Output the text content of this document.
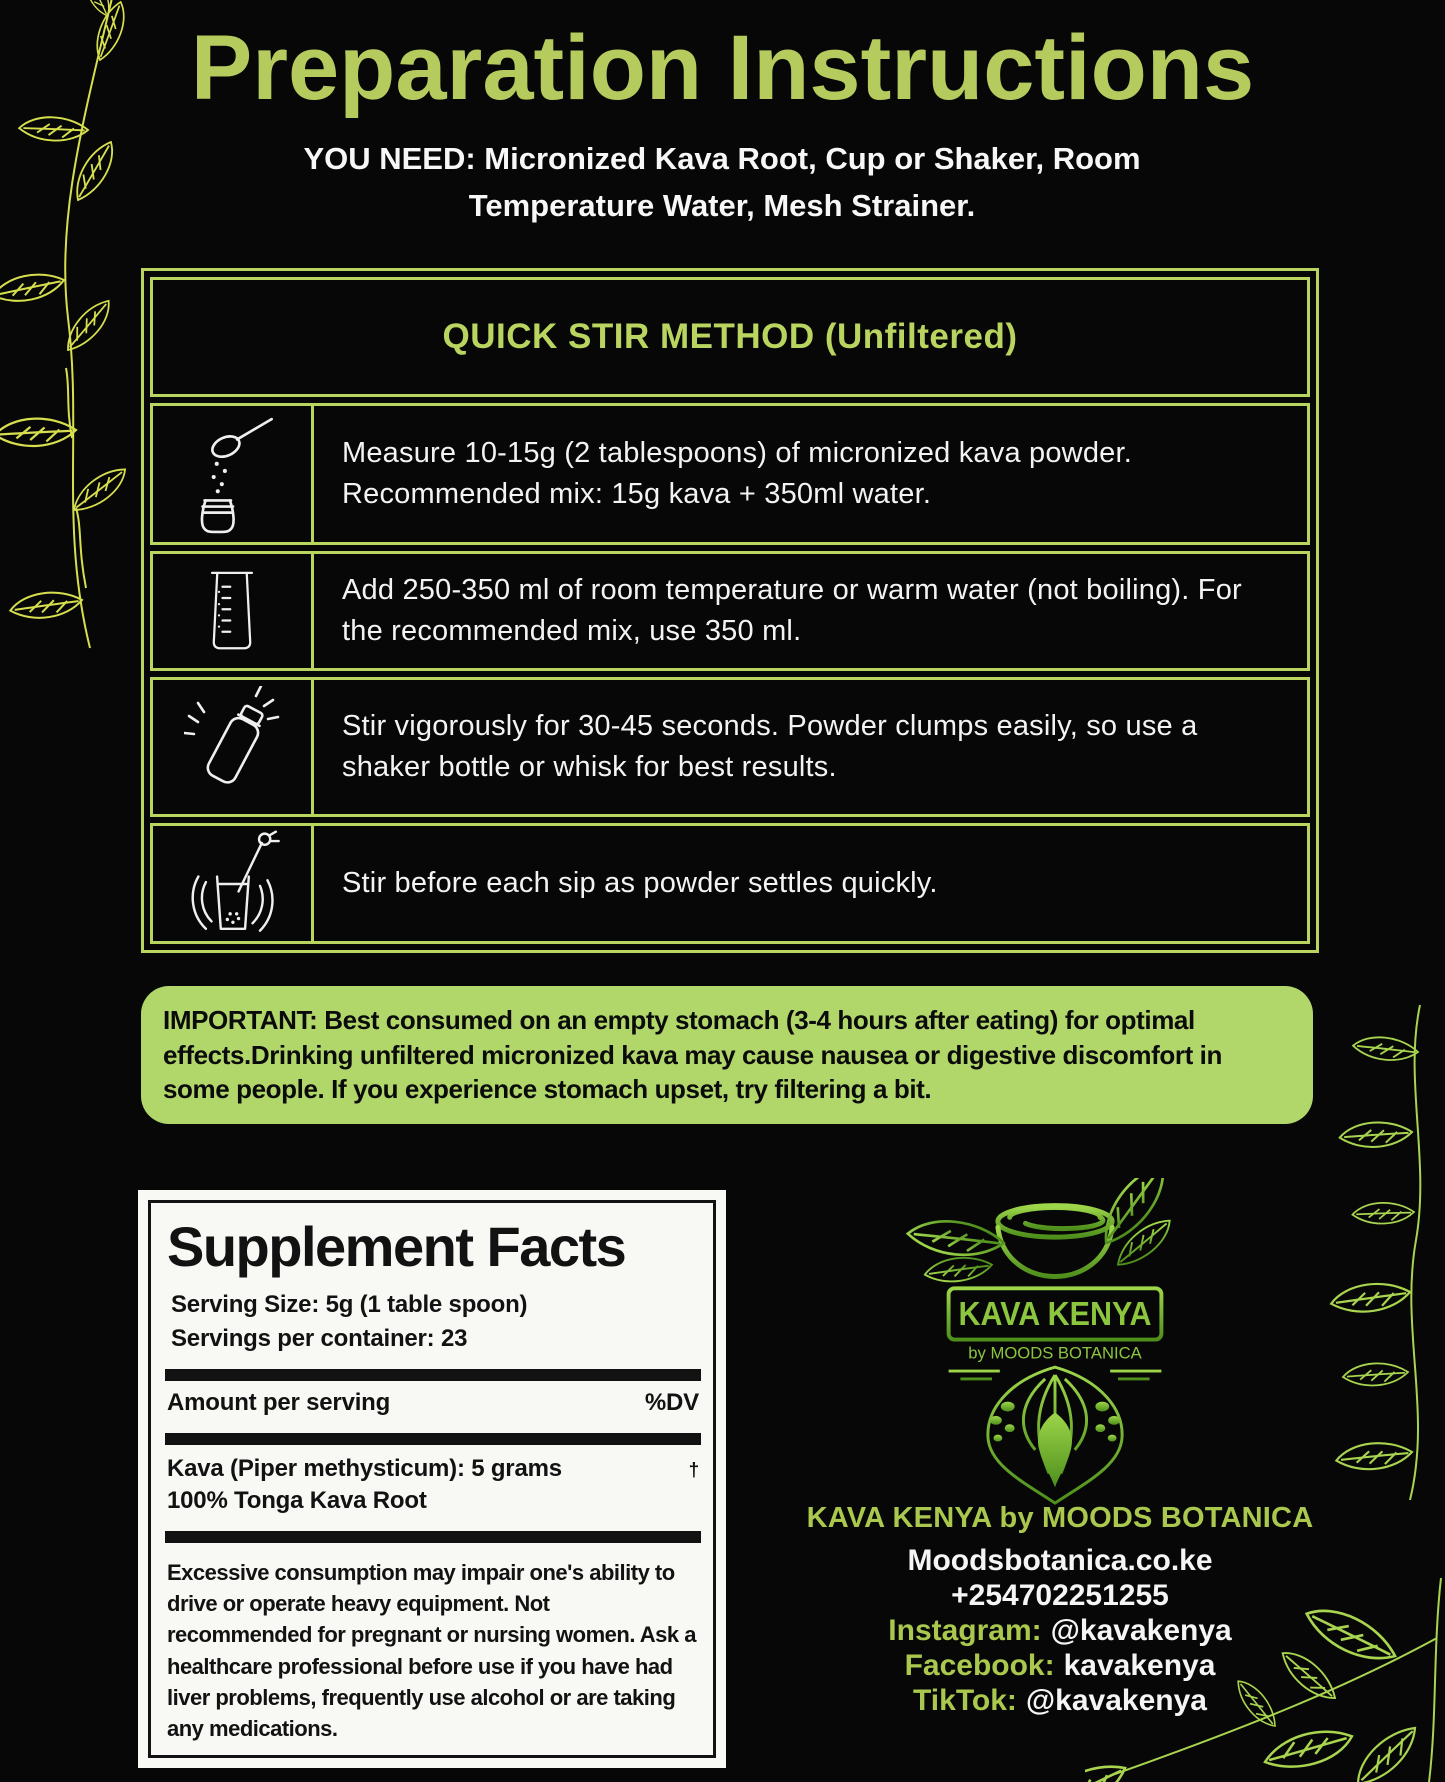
Preparation Instructions
YOU NEED: Micronized Kava Root, Cup or Shaker, Room Temperature Water, Mesh Strainer.
QUICK STIR METHOD (Unfiltered)
Measure 10-15g (2 tablespoons) of micronized kava powder. Recommended mix: 15g kava + 350ml water.
Add 250-350 ml of room temperature or warm water (not boiling). For the recommended mix, use 350 ml.
Stir vigorously for 30-45 seconds. Powder clumps easily, so use a shaker bottle or whisk for best results.
Stir before each sip as powder settles quickly.
IMPORTANT: Best consumed on an empty stomach (3-4 hours after eating) for optimal effects.Drinking unfiltered micronized kava may cause nausea or digestive discomfort in some people. If you experience stomach upset, try filtering a bit.
Supplement Facts
Serving Size: 5g (1 table spoon)
Servings per container: 23
Amount per serving	%DV
Kava (Piper methysticum): 5 grams	†
100% Tonga Kava Root
Excessive consumption may impair one's ability to drive or operate heavy equipment. Not recommended for pregnant or nursing women. Ask a healthcare professional before use if you have had liver problems, frequently use alcohol or are taking any medications.
KAVA KENYA
by MOODS BOTANICA
KAVA KENYA by MOODS BOTANICA
Moodsbotanica.co.ke
+254702251255
Instagram: @kavakenya
Facebook: kavakenya
TikTok: @kavakenya
